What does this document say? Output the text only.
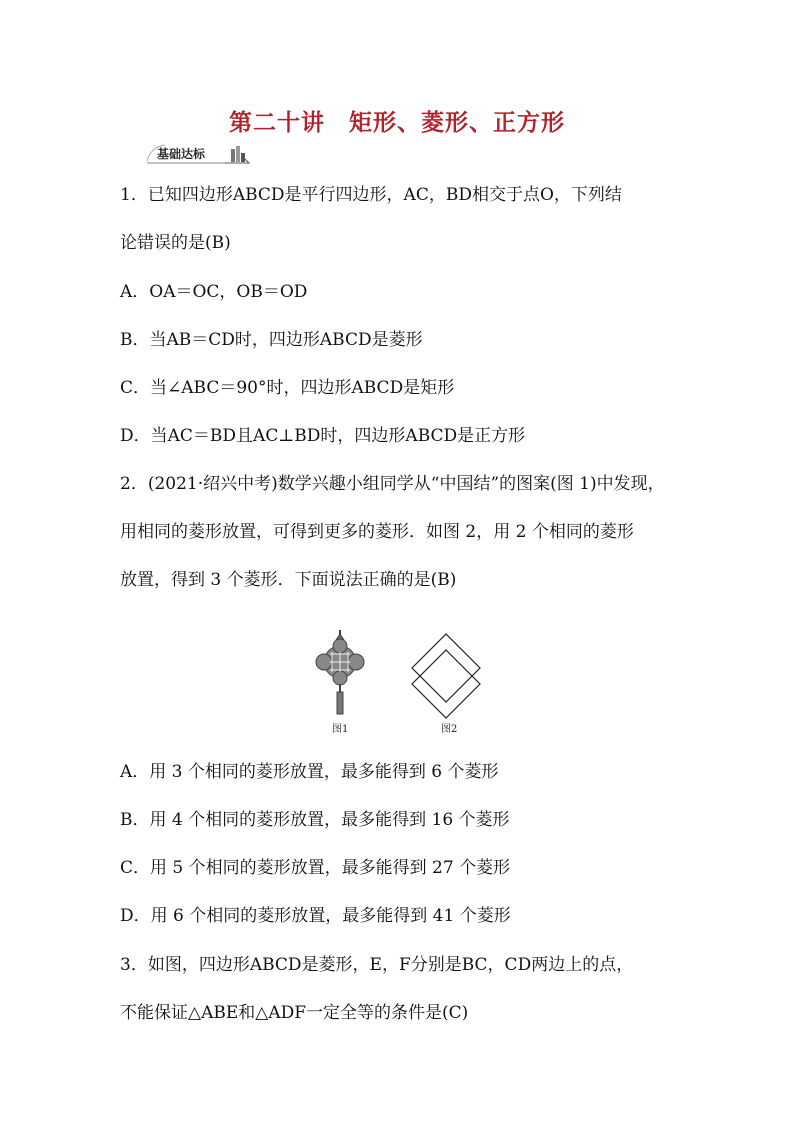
第二十讲　矩形、菱形、正方形
基础达标
1．已知四边形ABCD是平行四边形，AC，BD相交于点O，下列结
论错误的是(B)
A．OA＝OC，OB＝OD
B．当AB＝CD时，四边形ABCD是菱形
C．当∠ABC＝90°时，四边形ABCD是矩形
D．当AC＝BD且AC⊥BD时，四边形ABCD是正方形
2．(2021·绍兴中考)数学兴趣小组同学从“中国结”的图案(图 1)中发现，
用相同的菱形放置，可得到更多的菱形．如图 2，用 2 个相同的菱形
放置，得到 3 个菱形．下面说法正确的是(B)
图1	图2
A．用 3 个相同的菱形放置，最多能得到 6 个菱形
B．用 4 个相同的菱形放置，最多能得到 16 个菱形
C．用 5 个相同的菱形放置，最多能得到 27 个菱形
D．用 6 个相同的菱形放置，最多能得到 41 个菱形
3．如图，四边形ABCD是菱形，E，F分别是BC，CD两边上的点，
不能保证△ABE和△ADF一定全等的条件是(C)
